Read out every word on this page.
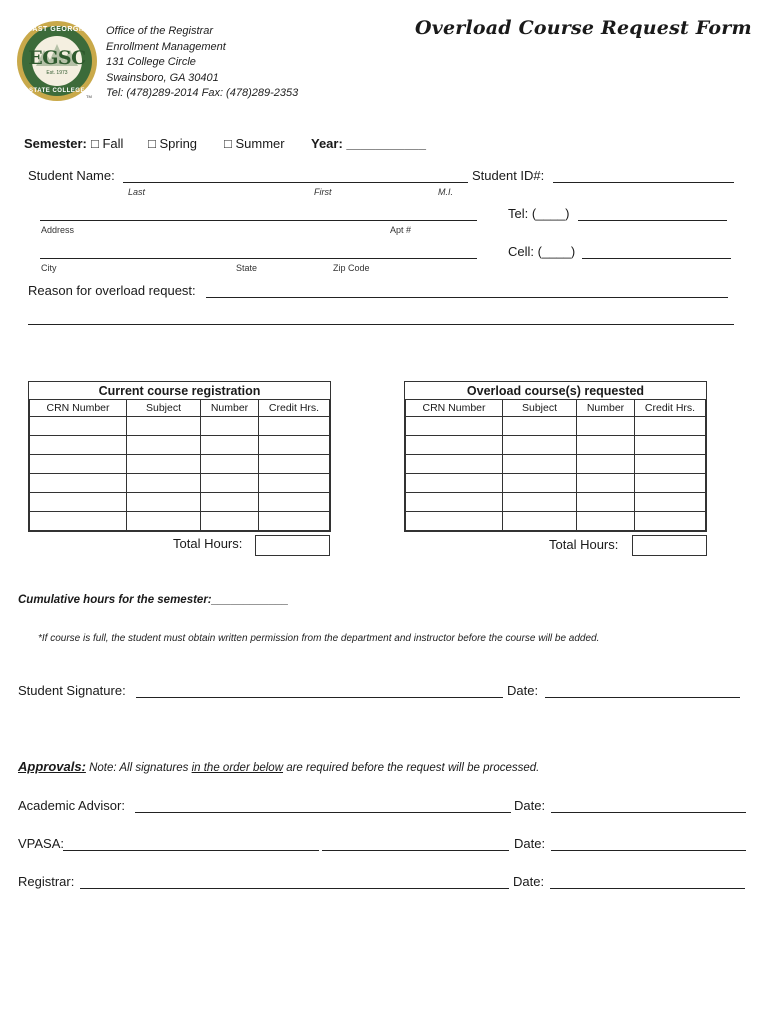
EAST GEORGIA
EGSC
Est. 1973
STATE COLLEGE
TM
Office of the Registrar
Enrollment Management
131 College Circle
Swainsboro, GA 30401
Tel: (478)289-2014 Fax: (478)289-2353
Overload Course Request Form
Semester: □ Fall □ Spring □ Summer Year: ___________
Student Name:	Student ID#:
Last	First	M.I.
Tel: (____)
Address	Apt #
Cell: (____)
City	State	Zip Code
Reason for overload request:
Current course registration			
CRN Number	Subject	Number	Credit Hrs.

Total Hours:
Overload course(s) requested			
CRN Number	Subject	Number	Credit Hrs.

Total Hours:
Cumulative hours for the semester:____________
*If course is full, the student must obtain written permission from the department and instructor before the course will be added.
Student Signature:	Date:
Approvals: Note: All signatures in the order below are required before the request will be processed.
Academic Advisor:	Date:
VPASA:	Date:
Registrar:	Date:
